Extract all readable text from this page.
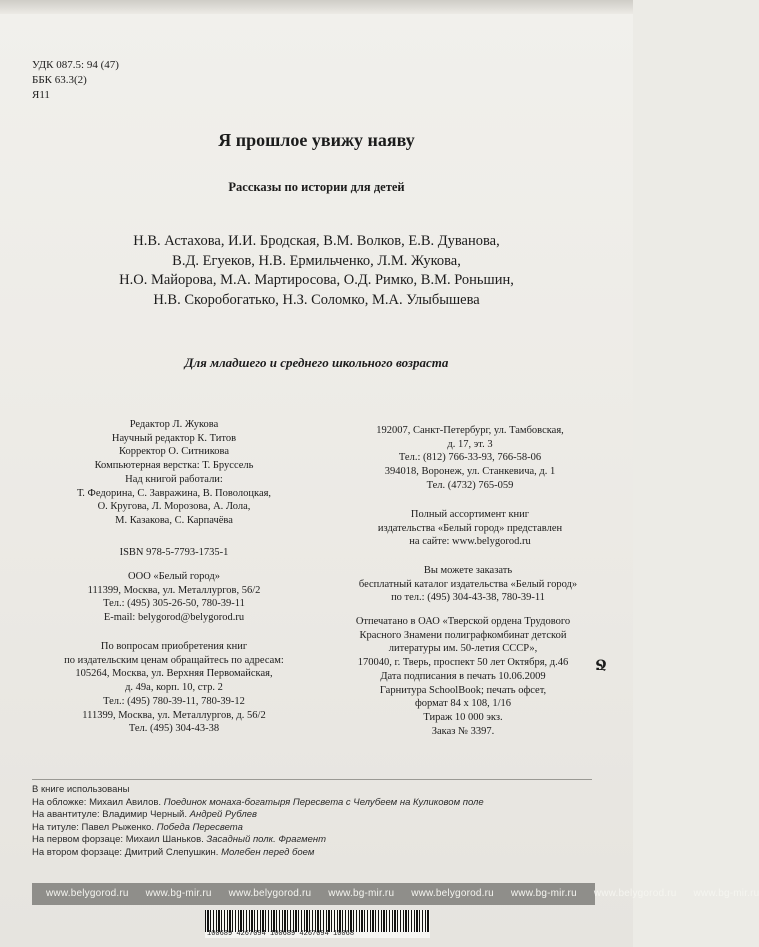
УДК 087.5: 94 (47)
ББК 63.3(2)
Я11
Я прошлое увижу наяву
Рассказы по истории для детей
Н.В. Астахова, И.И. Бродская, В.М. Волков, Е.В. Дуванова,
В.Д. Егуеков, Н.В. Ермильченко, Л.М. Жукова,
Н.О. Майорова, М.А. Мартиросова, О.Д. Римко, В.М. Роньшин,
Н.В. Скоробогатько, Н.З. Соломко, М.А. Улыбышева
Для младшего и среднего школьного возраста
Редактор Л. Жукова
Научный редактор К. Титов
Корректор О. Ситникова
Компьютерная верстка: Т. Бруссель
Над книгой работали:
Т. Федорина, С. Завражина, В. Поволоцкая,
О. Кругова, Л. Морозова, А. Лола,
М. Казакова, С. Карпачёва
ISBN 978-5-7793-1735-1
ООО «Белый город»
111399, Москва, ул. Металлургов, 56/2
Тел.: (495) 305-26-50, 780-39-11
E-mail: belygorod@belygorod.ru
По вопросам приобретения книг
по издательским ценам обращайтесь по адресам:
105264, Москва, ул. Верхняя Первомайская,
д. 49а, корп. 10, стр. 2
Тел.: (495) 780-39-11, 780-39-12
111399, Москва, ул. Металлургов, д. 56/2
Тел. (495) 304-43-38
192007, Санкт-Петербург, ул. Тамбовская,
д. 17, эт. 3
Тел.: (812) 766-33-93, 766-58-06
394018, Воронеж, ул. Станкевича, д. 1
Тел. (4732) 765-059
Полный ассортимент книг
издательства «Белый город» представлен
на сайте: www.belygorod.ru
Вы можете заказать
бесплатный каталог издательства «Белый город»
по тел.: (495) 304-43-38, 780-39-11
Отпечатано в ОАО «Тверской ордена Трудового
Красного Знамени полиграфкомбинат детской
литературы им. 50-летия СССР»,
170040, г. Тверь, проспект 50 лет Октября, д.46
Дата подписания в печать 10.06.2009
Гарнитура SchoolBook; печать офсет,
формат 84 х 108, 1/16
Тираж 10 000 экз.
Заказ № 3397.
Ջ
В книге использованы
На обложке: Михаил Авилов. Поединок монаха-богатыря Пересвета с Челубеем на Куликовом поле
На авантитуле: Владимир Черный. Андрей Рублев
На титуле: Павел Рыженко. Победа Пересвета
На первом форзаце: Михаил Шаньков. Засадный полк. Фрагмент
На втором форзаце: Дмитрий Слепушкин. Молебен перед боем
www.belygorod.ru www.bg-mir.ru www.belygorod.ru www.bg-mir.ru www.belygorod.ru www.bg-mir.ru www.belygorod.ru www.bg-mir.ru
100689 4267094 100689 4267094 10068
